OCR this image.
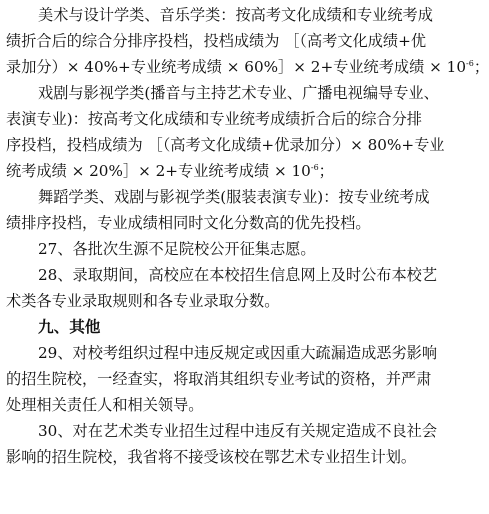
美术与设计学类、音乐学类：按高考文化成绩和专业统考成
绩折合后的综合分排序投档，投档成绩为 ［（高考文化成绩+优
录加分）× 40%+专业统考成绩 × 60%］× 2+专业统考成绩 × $10^{-6}$；
戏剧与影视学类(播音与主持艺术专业、广播电视编导专业、
表演专业)：按高考文化成绩和专业统考成绩折合后的综合分排
序投档，投档成绩为 ［（高考文化成绩+优录加分）× 80%+专业
统考成绩 × 20%］× 2+专业统考成绩 × $10^{-6}$；
舞蹈学类、戏剧与影视学类(服装表演专业)：按专业统考成
绩排序投档，专业成绩相同时文化分数高的优先投档。
27、各批次生源不足院校公开征集志愿。
28、录取期间，高校应在本校招生信息网上及时公布本校艺
术类各专业录取规则和各专业录取分数。
九、其他
29、对校考组织过程中违反规定或因重大疏漏造成恶劣影响
的招生院校，一经查实，将取消其组织专业考试的资格，并严肃
处理相关责任人和相关领导。
30、对在艺术类专业招生过程中违反有关规定造成不良社会
影响的招生院校，我省将不接受该校在鄂艺术专业招生计划。
